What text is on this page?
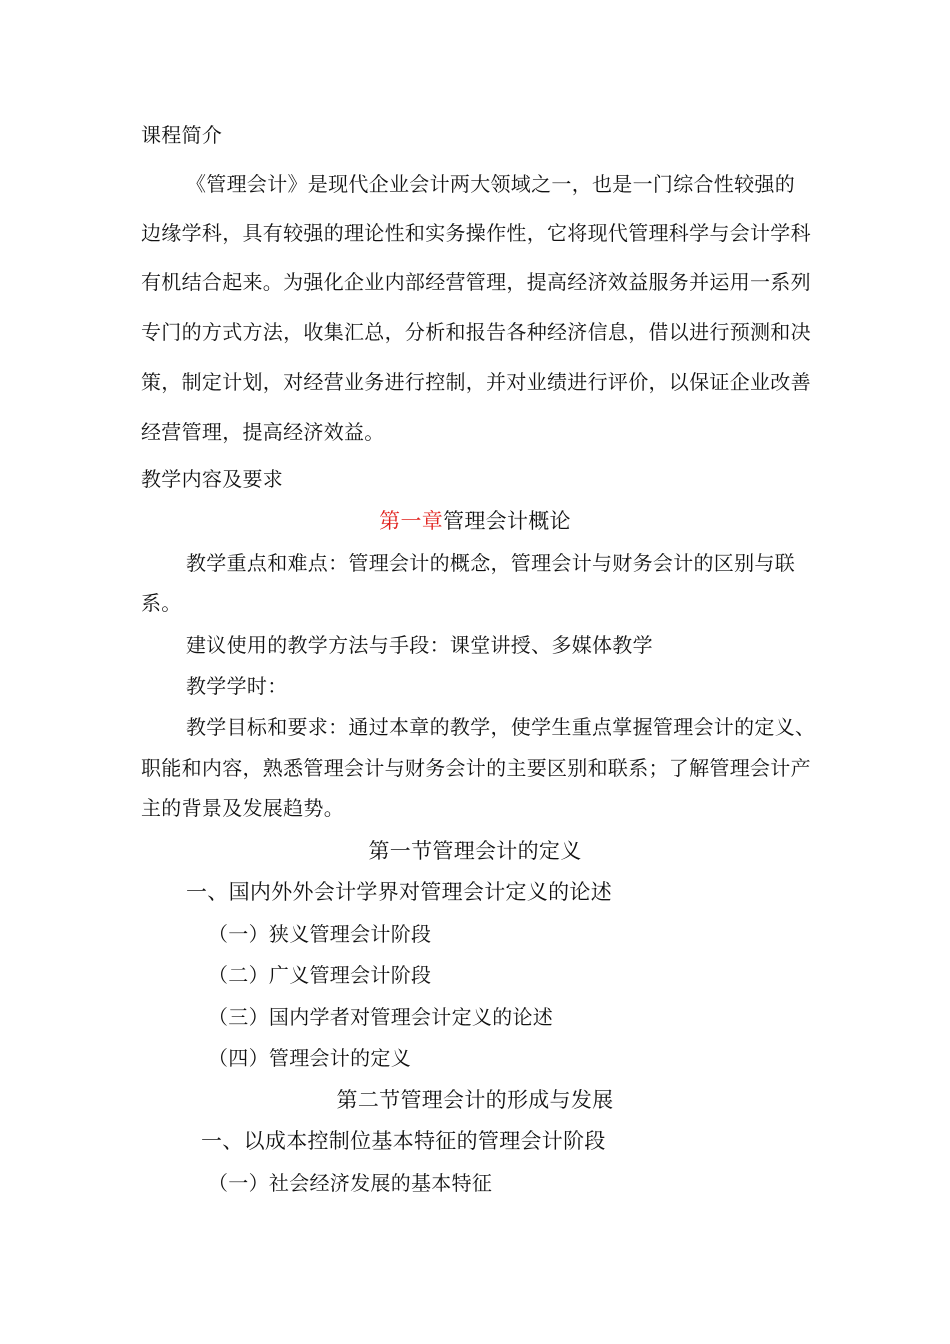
课程简介
《管理会计》是现代企业会计两大领域之一，也是一门综合性较强的
边缘学科，具有较强的理论性和实务操作性，它将现代管理科学与会计学科
有机结合起来。为强化企业内部经营管理，提高经济效益服务并运用一系列
专门的方式方法，收集汇总，分析和报告各种经济信息，借以进行预测和决
策，制定计划，对经营业务进行控制，并对业绩进行评价，以保证企业改善
经营管理，提高经济效益。
教学内容及要求
第一章管理会计概论
教学重点和难点：管理会计的概念，管理会计与财务会计的区别与联
系。
建议使用的教学方法与手段：课堂讲授、多媒体教学
教学学时：
教学目标和要求：通过本章的教学，使学生重点掌握管理会计的定义、
职能和内容，熟悉管理会计与财务会计的主要区别和联系；了解管理会计产
主的背景及发展趋势。
第一节管理会计的定义
一、国内外外会计学界对管理会计定义的论述
（一）狭义管理会计阶段
（二）广义管理会计阶段
（三）国内学者对管理会计定义的论述
（四）管理会计的定义
第二节管理会计的形成与发展
一、以成本控制位基本特征的管理会计阶段
（一）社会经济发展的基本特征
